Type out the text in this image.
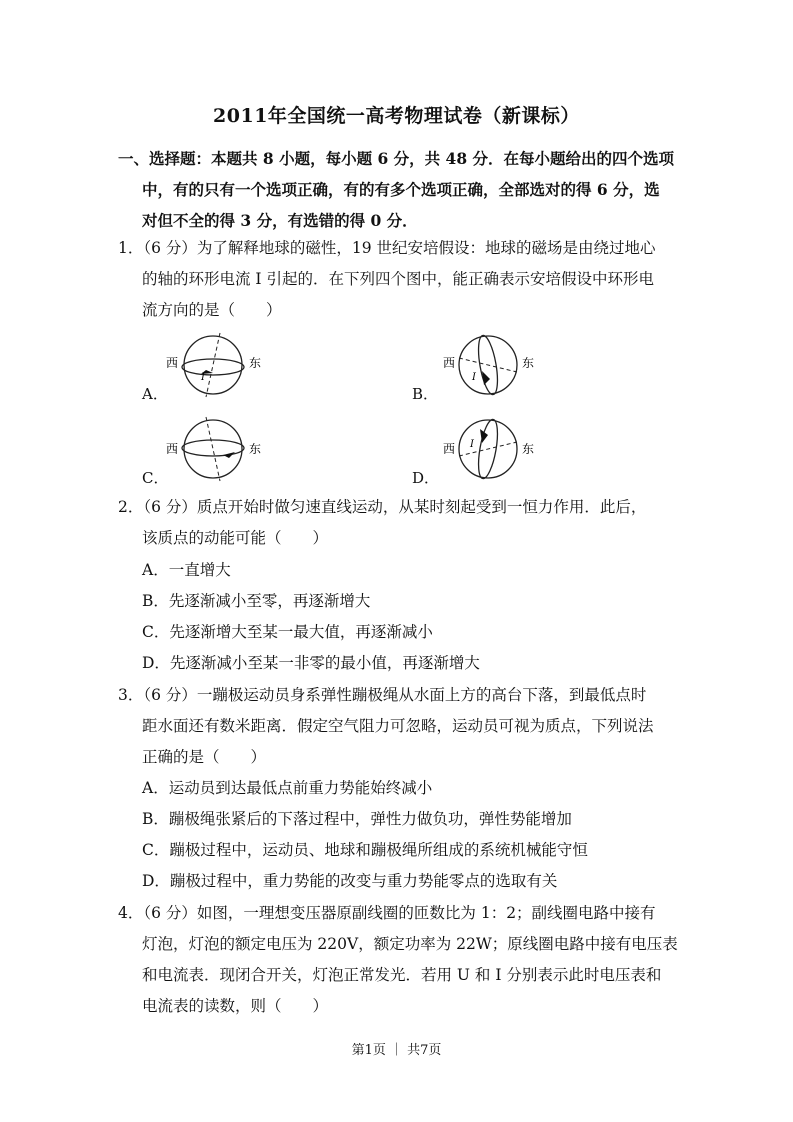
2011年全国统一高考物理试卷（新课标）
一、选择题：本题共 8 小题，每小题 6 分，共 48 分．在每小题给出的四个选项
中，有的只有一个选项正确，有的有多个选项正确，全部选对的得 6 分，选
对但不全的得 3 分，有选错的得 0 分．
1．（6 分）为了解释地球的磁性，19 世纪安培假设：地球的磁场是由绕过地心
的轴的环形电流 I 引起的．在下列四个图中，能正确表示安培假设中环形电
流方向的是（　　）
西	东
I
西	东
I
A．	B．
西	东	西	东
I
C．	D．
2．（6 分）质点开始时做匀速直线运动，从某时刻起受到一恒力作用．此后，
该质点的动能可能（　　）
A．一直增大
B．先逐渐减小至零，再逐渐增大
C．先逐渐增大至某一最大值，再逐渐减小
D．先逐渐减小至某一非零的最小值，再逐渐增大
3．（6 分）一蹦极运动员身系弹性蹦极绳从水面上方的高台下落，到最低点时
距水面还有数米距离．假定空气阻力可忽略，运动员可视为质点，下列说法
正确的是（　　）
A．运动员到达最低点前重力势能始终减小
B．蹦极绳张紧后的下落过程中，弹性力做负功，弹性势能增加
C．蹦极过程中，运动员、地球和蹦极绳所组成的系统机械能守恒
D．蹦极过程中，重力势能的改变与重力势能零点的选取有关
4．（6 分）如图，一理想变压器原副线圈的匝数比为 1：2；副线圈电路中接有
灯泡，灯泡的额定电压为 220V，额定功率为 22W；原线圈电路中接有电压表
和电流表．现闭合开关，灯泡正常发光．若用 U 和 I 分别表示此时电压表和
电流表的读数，则（　　）
第1页 ｜ 共7页
